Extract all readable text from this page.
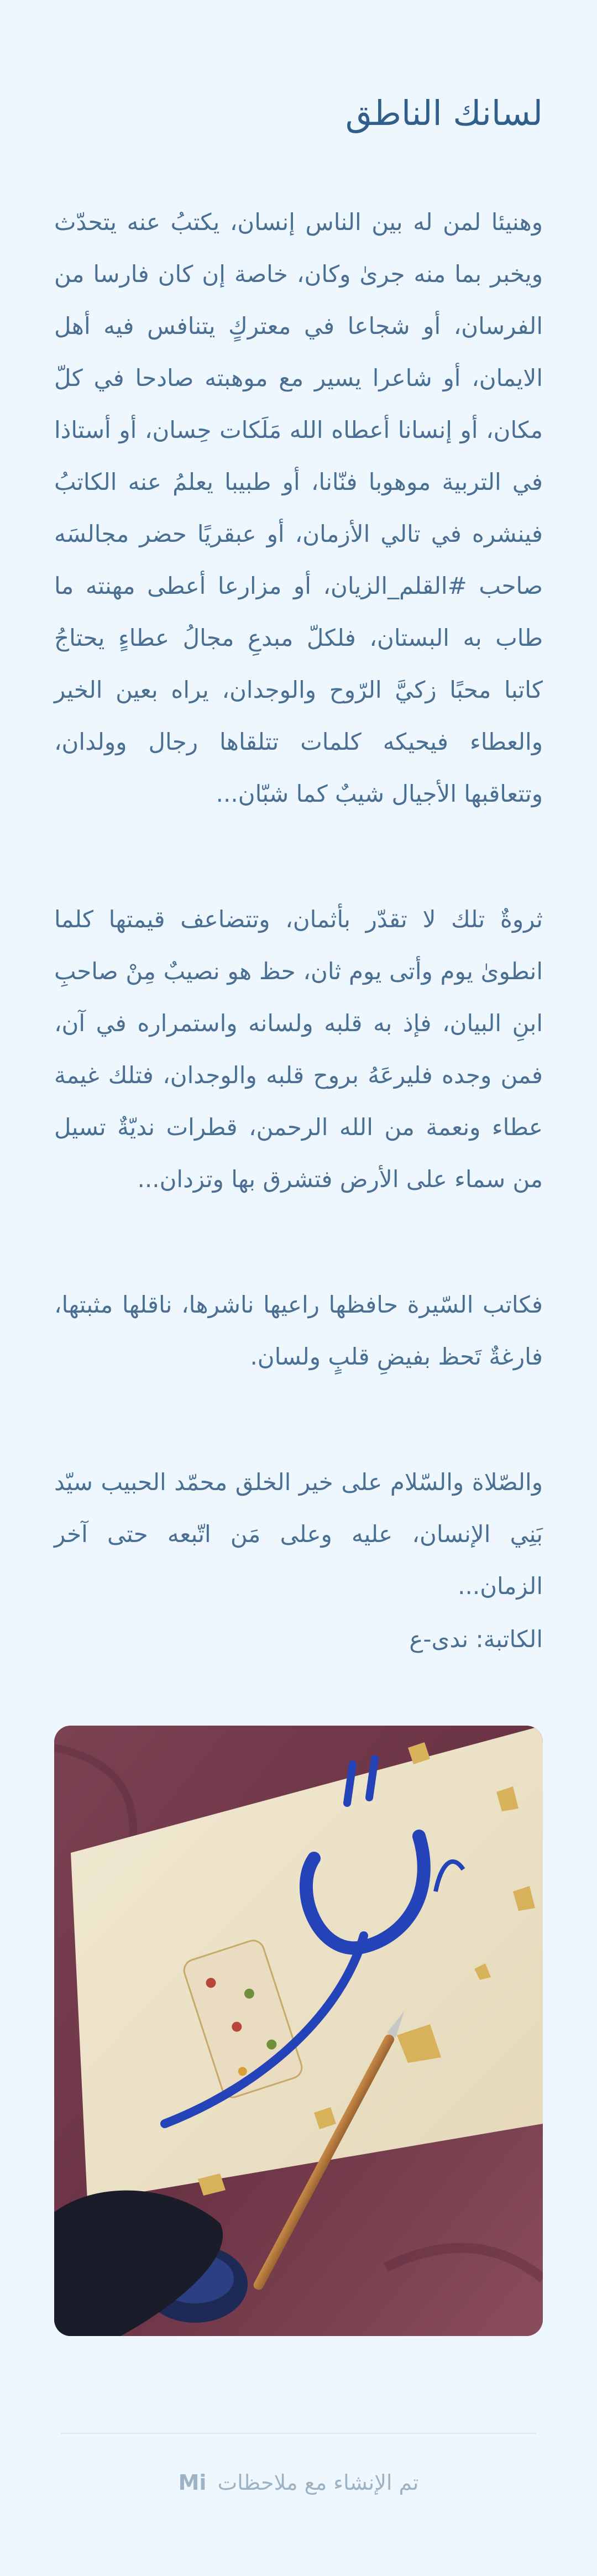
لسانك الناطق

وهنيئا لمن له بين الناس إنسان، يكتبُ عنه يتحدّث ويخبر بما منه جرىٰ وكان، خاصة إن كان فارسا من الفرسان، أو شجاعا في معتركٍ يتنافس فيه أهل الايمان، أو شاعرا يسير مع موهبته صادحا في كلّ مكان، أو إنسانا أعطاه الله مَلَكات حِسان، أو أستاذا في التربية موهوبا فنّانا، أو طبيبا يعلمُ عنه الكاتبُ فينشره في تالي الأزمان، أو عبقريًا حضر مجالسَه صاحب #القلم_الزيان، أو مزارعا أعطى مهنته ما طاب به البستان، فلكلّ مبدعِ مجالُ عطاءٍ يحتاجُ كاتبا محبًا زكيَّ الرّوح والوجدان، يراه بعين الخير والعطاء فيحيكه كلمات تتلقاها رجال وولدان، وتتعاقبها الأجيال شيبٌ كما شبّان...

ثروةٌ تلك لا تقدّر بأثمان، وتتضاعف قيمتها كلما انطوىٰ يوم وأتى يوم ثان، حظ هو نصيبٌ مِنْ صاحبِ ابنِ البيان، فإذ به قلبه ولسانه واستمراره في آن، فمن وجده فليرعَهُ بروح قلبه والوجدان، فتلك غيمة عطاء ونعمة من الله الرحمن، قطرات نديّةٌ تسيل من سماء على الأرض فتشرق بها وتزدان...

فكاتب السّيرة حافظها راعيها ناشرها، ناقلها مثبتها، فارغةٌ تَحظ بفيضِ قلبٍ ولسان.

والصّلاة والسّلام على خير الخلق محمّد الحبيب سيّد بَنِي الإنسان، عليه وعلى مَن اتّبعه حتى آخر الزمان...

الكاتبة: ندى-ع

تم الإنشاء مع ملاحظات Mi
